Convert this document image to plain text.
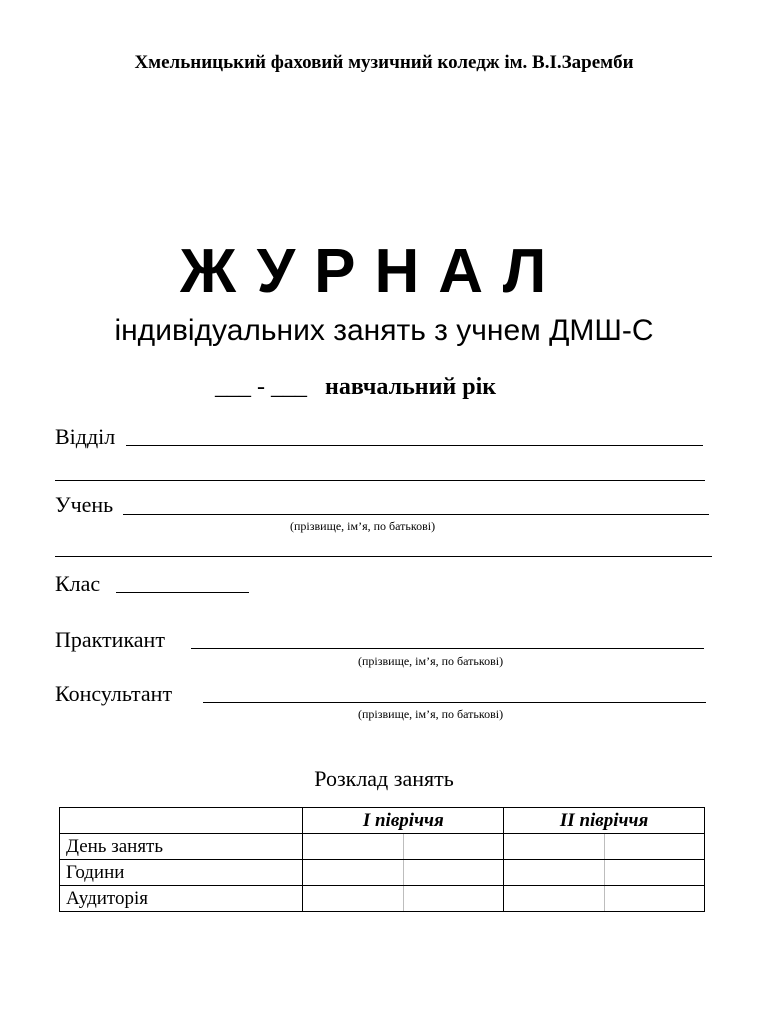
Хмельницький фаховий музичний коледж ім. В.І.Заремби
ЖУРНАЛ
індивідуальних занять з учнем ДМШ-С
___ - ___ навчальний рік
Відділ
Учень
(прізвище, ім’я, по батькові)
Клас
Практикант
(прізвище, ім’я, по батькові)
Консультант
(прізвище, ім’я, по батькові)
Розклад занять
	І півріччя		ІІ півріччя	
День занять				
Години				
Аудиторія				
